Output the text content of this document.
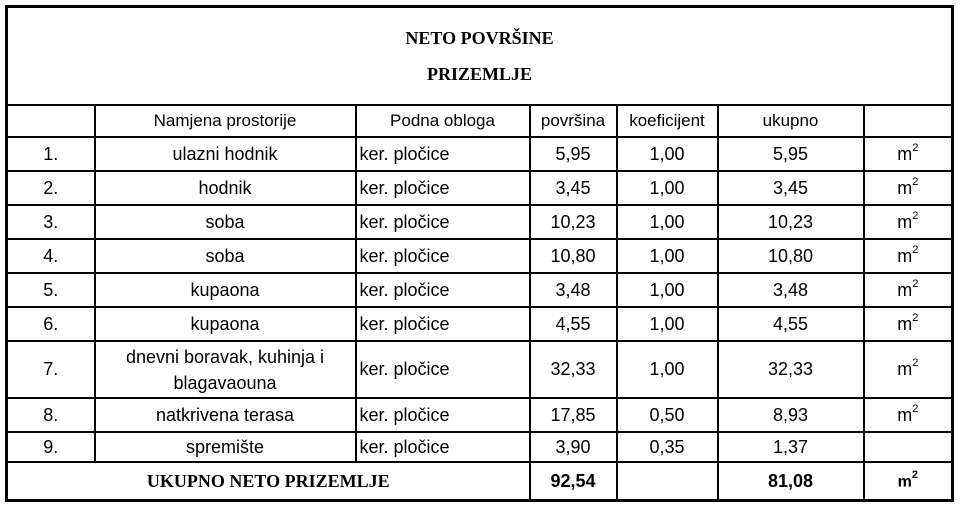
NETO POVRŠINE
PRIZEMLJE						

	Namjena prostorije	Podna obloga	površina	koeficijent	ukupno	
1.	ulazni hodnik	ker. pločice	5,95	1,00	5,95	$m^2$
2.	hodnik	ker. pločice	3,45	1,00	3,45	$m^2$
3.	soba	ker. pločice	10,23	1,00	10,23	$m^2$
4.	soba	ker. pločice	10,80	1,00	10,80	$m^2$
5.	kupaona	ker. pločice	3,48	1,00	3,48	$m^2$
6.	kupaona	ker. pločice	4,55	1,00	4,55	$m^2$
7.	dnevni boravak, kuhinja i blagavaouna	ker. pločice	32,33	1,00	32,33	$m^2$
8.	natkrivena terasa	ker. pločice	17,85	0,50	8,93	$m^2$
9.	spremište	ker. pločice	3,90	0,35	1,37	
UKUPNO NETO PRIZEMLJE			92,54		81,08	$m^2$
